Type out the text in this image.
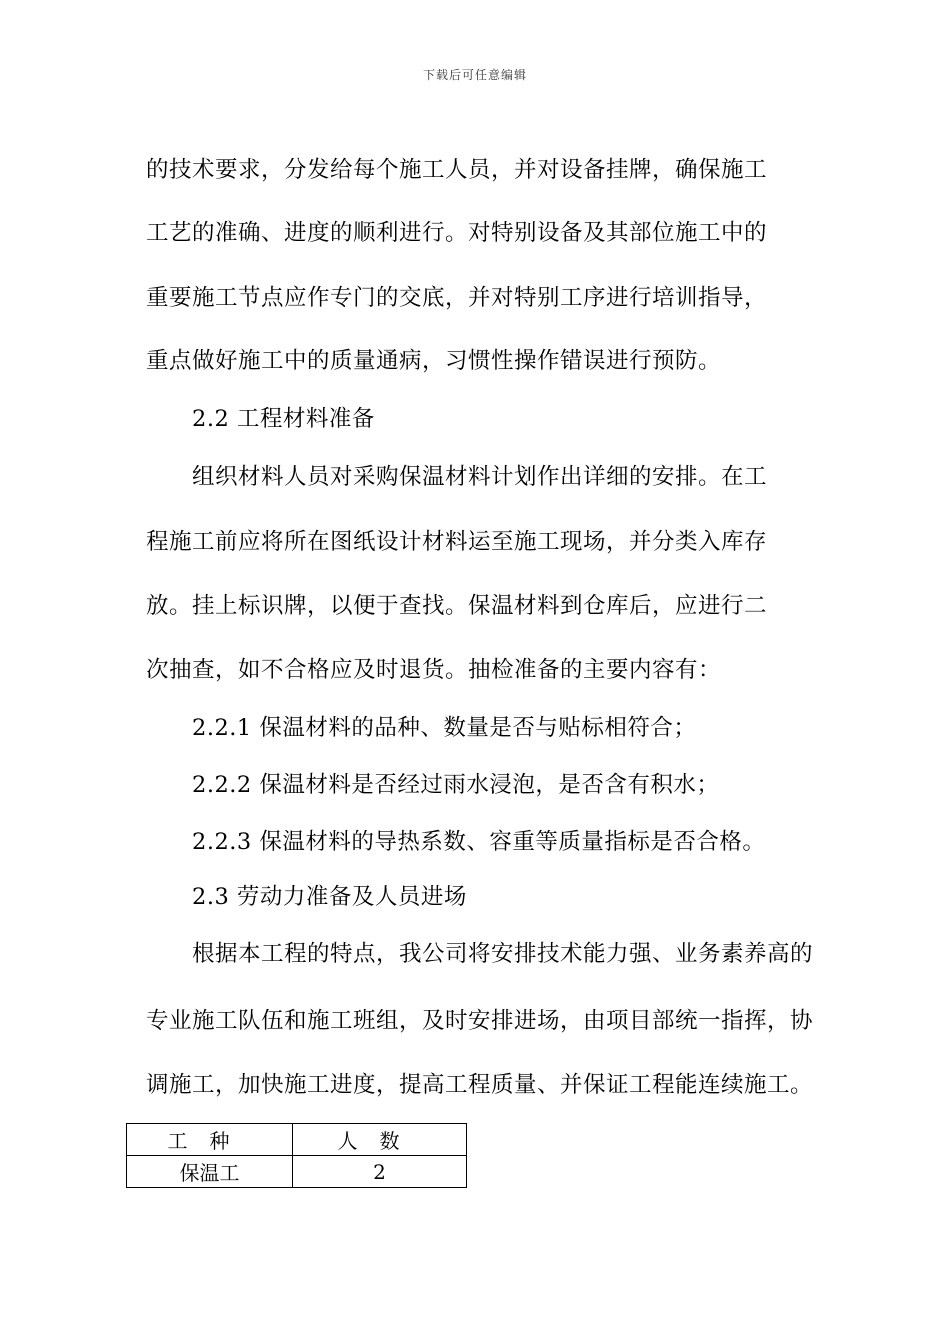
下载后可任意编辑
的技术要求，分发给每个施工人员，并对设备挂牌，确保施工
工艺的准确、进度的顺利进行。对特别设备及其部位施工中的
重要施工节点应作专门的交底，并对特别工序进行培训指导，
重点做好施工中的质量通病，习惯性操作错误进行预防。
2.2 工程材料准备
组织材料人员对采购保温材料计划作出详细的安排。在工
程施工前应将所在图纸设计材料运至施工现场，并分类入库存
放。挂上标识牌，以便于查找。保温材料到仓库后，应进行二
次抽查，如不合格应及时退货。抽检准备的主要内容有：
2.2.1 保温材料的品种、数量是否与贴标相符合；
2.2.2 保温材料是否经过雨水浸泡，是否含有积水；
2.2.3 保温材料的导热系数、容重等质量指标是否合格。
2.3 劳动力准备及人员进场
根据本工程的特点，我公司将安排技术能力强、业务素养高的
专业施工队伍和施工班组，及时安排进场，由项目部统一指挥，协
调施工，加快施工进度，提高工程质量、并保证工程能连续施工。
工种	人数
保温工	2
